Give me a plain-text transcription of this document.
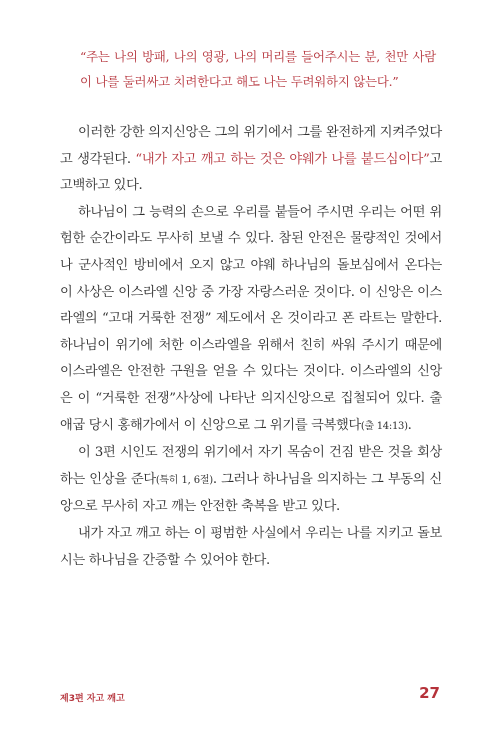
“주는 나의 방패, 나의 영광, 나의 머리를 들어주시는 분, 천만 사람이 나를 둘러싸고 치려한다고 해도 나는 두려워하지 않는다.”

이러한 강한 의지신앙은 그의 위기에서 그를 완전하게 지켜주었다고 생각된다. “내가 자고 깨고 하는 것은 야웨가 나를 붙드심이다”고 고백하고 있다.

하나님이 그 능력의 손으로 우리를 붙들어 주시면 우리는 어떤 위험한 순간이라도 무사히 보낼 수 있다. 참된 안전은 물량적인 것에서나 군사적인 방비에서 오지 않고 야웨 하나님의 돌보심에서 온다는 이 사상은 이스라엘 신앙 중 가장 자랑스러운 것이다. 이 신앙은 이스라엘의 “고대 거룩한 전쟁” 제도에서 온 것이라고 폰 라트는 말한다. 하나님이 위기에 처한 이스라엘을 위해서 친히 싸워 주시기 때문에 이스라엘은 안전한 구원을 얻을 수 있다는 것이다. 이스라엘의 신앙은 이 “거룩한 전쟁”사상에 나타난 의지신앙으로 집철되어 있다. 출애굽 당시 홍해가에서 이 신앙으로 그 위기를 극복했다(출 14:13).

이 3편 시인도 전쟁의 위기에서 자기 목숨이 건짐 받은 것을 회상하는 인상을 준다(특히 1, 6절). 그러나 하나님을 의지하는 그 부동의 신앙으로 무사히 자고 깨는 안전한 축복을 받고 있다.

내가 자고 깨고 하는 이 평범한 사실에서 우리는 나를 지키고 돌보시는 하나님을 간증할 수 있어야 한다.

제3편 자고 깨고	27
